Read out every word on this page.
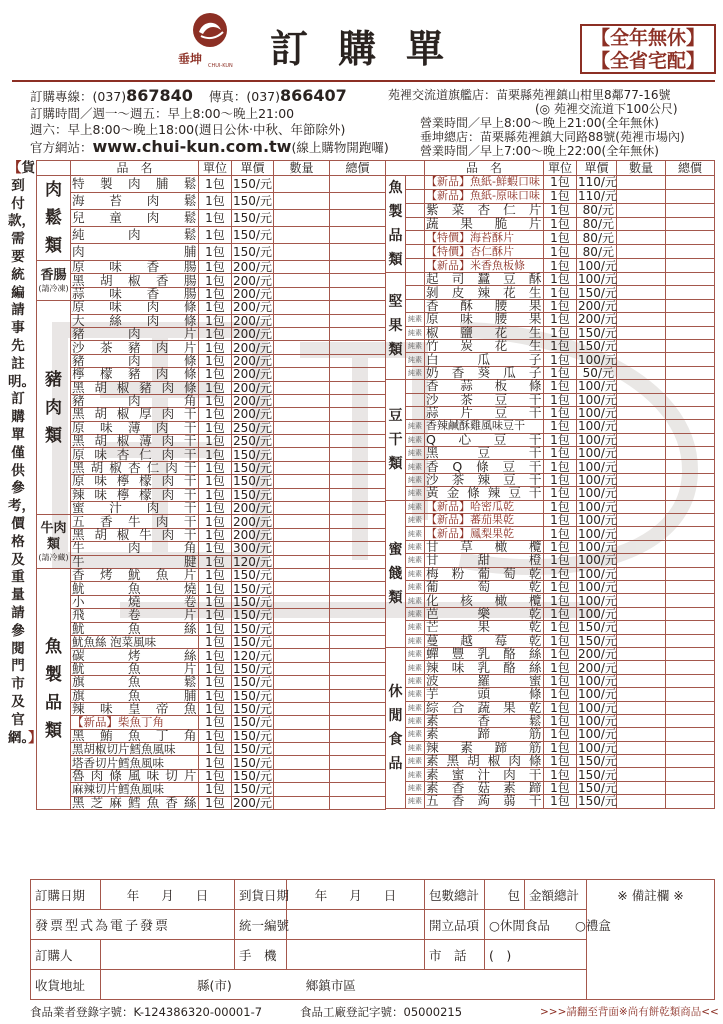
垂坤 CHUI-KUN 訂購單	【全年無休】
【全省宅配】
訂購專線：(037)867840 傳真：(037)866407
訂購時間／週一～週五：早上8:00～晚上21:00
週六：早上8:00～晚上18:00(週日公休‧中秋、年節除外)
官方網站：www.chui-kun.com.tw(線上購物開跑囉)
苑裡交流道旗艦店：苗栗縣苑裡鎮山柑里8鄰77-16號
(◎ 苑裡交流道下100公尺)
營業時間／早上8:00～晚上21:00(全年無休)
垂坤總店：苗栗縣苑裡鎮大同路88號(苑裡市場內)
營業時間／早上7:00～晚上22:00(全年無休)
【貨到付款，需要統編請事先註明。訂購單僅供參考，價格及重量請參閱門市及官網。】
	品　名	單位	單價	數量	總價

肉鬆類	特製肉脯鬆	1包	150/元		
	海苔肉鬆	1包	150/元		
	兒童肉鬆	1包	150/元		
	純肉鬆	1包	150/元		
	肉脯	1包	150/元		

香腸
(請冷凍)	原味香腸	1包	200/元		
	黑胡椒香腸	1包	200/元		
	蒜味香腸	1包	200/元		

豬肉類	原味肉條	1包	200/元		
	大絲肉條	1包	200/元		
	豬肉片	1包	200/元		
	沙茶豬肉片	1包	200/元		
	豬肉條	1包	200/元		
	檸檬豬肉條	1包	200/元		
	黑胡椒豬肉條	1包	200/元		
	豬肉角	1包	200/元		
	黑胡椒厚肉干	1包	200/元		
	原味薄肉干	1包	250/元		
	黑胡椒薄肉干	1包	250/元		
	原味杏仁肉干	1包	150/元		
	黑胡椒杏仁肉干	1包	150/元		
	原味檸檬肉干	1包	150/元		
	辣味檸檬肉干	1包	150/元		
	蜜汁肉干	1包	200/元		

牛肉類
(請冷藏)	五香牛肉干	1包	200/元		
	黑胡椒牛肉干	1包	200/元		
	牛肉角	1包	300/元		
	牛腱	1包	120/元		

魚製品類	香烤魷魚片	1包	150/元		
	魷魚燒	1包	150/元		
	小燒卷	1包	150/元		
	飛卷片	1包	150/元		
	魷魚絲	1包	150/元		
	魷魚絲 泡菜風味	1包	150/元		
	碳烤絲	1包	120/元		
	魷魚片	1包	150/元		
	旗魚鬆	1包	150/元		
	旗魚脯	1包	150/元		
	辣味皇帝魚	1包	150/元		
	【新品】柴魚丁角	1包	150/元		
	黑鮪魚丁角	1包	150/元		
	黑胡椒切片鱈魚風味	1包	150/元		
	塔香切片鱈魚風味	1包	150/元		
	魯肉條風味切片	1包	150/元		
	麻辣切片鱈魚風味	1包	150/元		
	黑芝麻鱈魚香絲	1包	200/元		
		品　名	單位	單價	數量	總價
魚製品類		【新品】魚紙-鮮蝦口味	1包	110/元		
		【新品】魚紙-原味口味	1包	110/元		
		紫菜杏仁片	1包	80/元		
		蔬果脆片	1包	80/元		
		【特價】海苔酥片	1包	80/元		
		【特價】杏仁酥片	1包	80/元		
		【新品】米香魚板條	1包	100/元		
堅果類		起司蠶豆酥	1包	100/元		
		剝皮辣花生	1包	150/元		
		香酥腰果	1包	200/元		
	純素	原味腰果	1包	200/元		
	純素	椒鹽花生	1包	150/元		
	純素	竹炭花生	1包	150/元		
	純素	白瓜子	1包	100/元		
	純素	奶香葵瓜子	1包	50/元		
豆干類		香蒜板條	1包	100/元		
		沙茶豆干	1包	100/元		
		蒜片豆干	1包	100/元		
	純素	香辣鹹酥雞風味豆干	1包	100/元		
	純素	Q心豆干	1包	100/元		
	純素	黑豆干	1包	100/元		
	純素	香Q條豆干	1包	100/元		
	純素	沙茶辣豆干	1包	100/元		
	純素	黃金條辣豆干	1包	100/元		
蜜餞類	純素	【新品】哈密瓜乾	1包	100/元		
	純素	【新品】蕃茄果乾	1包	100/元		
	純素	【新品】鳳梨果乾	1包	100/元		
	純素	甘草橄欖	1包	100/元		
	純素	甘甜橙	1包	100/元		
	純素	梅粉葡萄乾	1包	100/元		
	純素	葡萄乾	1包	100/元		
	純素	化核橄欖	1包	100/元		
	純素	芭樂乾	1包	100/元		
	純素	芒果乾	1包	150/元		
	純素	蔓越莓乾	1包	150/元		
休閒食品	純素	蟬豐乳酪絲	1包	200/元		
	純素	辣味乳酪絲	1包	200/元		
	純素	波羅蜜	1包	100/元		
	純素	芋頭條	1包	100/元		
	純素	綜合蔬果乾	1包	100/元		
	純素	素香鬆	1包	100/元		
	純素	素蹄筋	1包	100/元		
	純素	辣素蹄筋	1包	100/元		
	純素	素黑胡椒肉條	1包	150/元		
	純素	素蜜汁肉干	1包	150/元		
	純素	素香菇素蹄	1包	150/元		
	純素	五香蒟蒻干	1包	150/元		
訂購日期	年 月 日	到貨日期	年 月 日	包數總計	包	金額總計	※ 備註欄 ※
發票型式為電子發票		統一編號		開立品項	○休閒食品　　 ○禮盒		
訂購人		手　機		市　話	(　)		
收貨地址	縣(市) 鄉鎮市區						
食品業者登錄字號：K-124386320-00001-7	食品工廠登記字號：05000215	>>>請翻至背面※尚有餅乾類商品<<
